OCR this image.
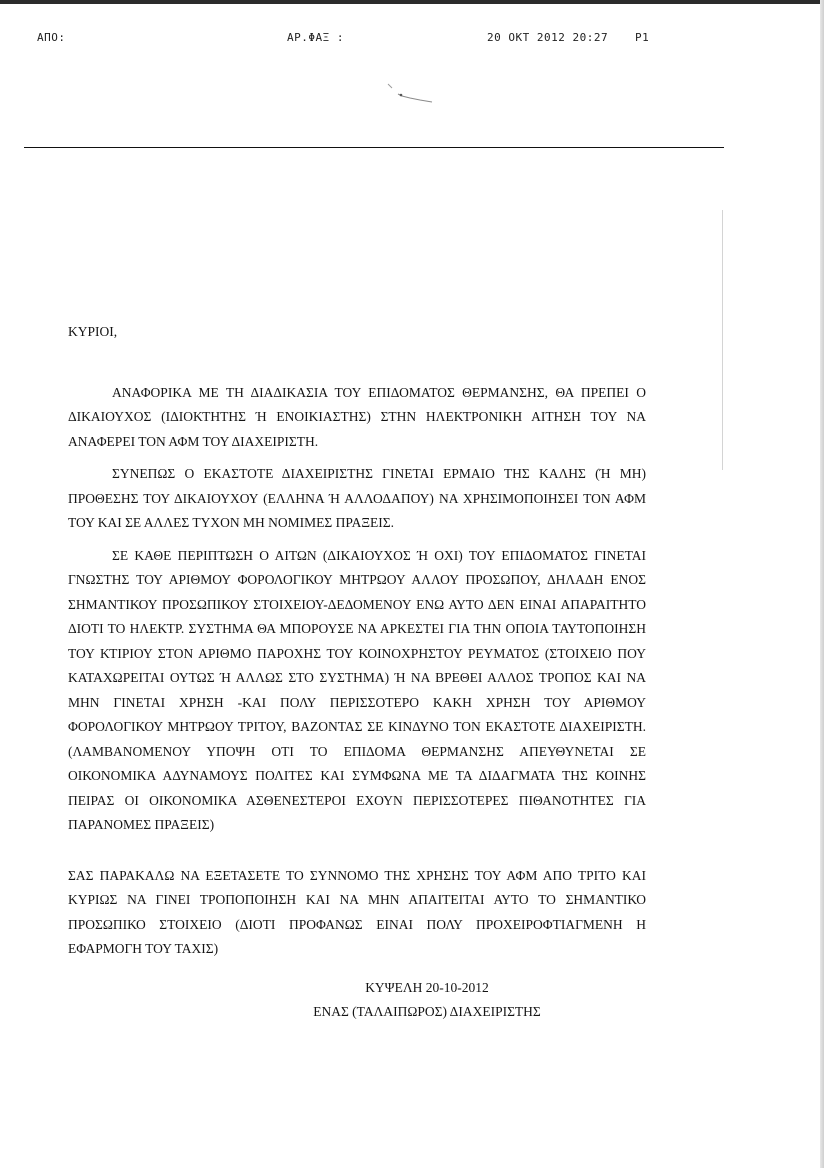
ΑΠΟ:	ΑΡ.ΦΑΞ :	20 ΟΚΤ 2012 20:27 P1

ΚΥΡΙΟΙ,

ΑΝΑΦΟΡΙΚΑ ΜΕ ΤΗ ΔΙΑΔΙΚΑΣΙΑ ΤΟΥ ΕΠΙΔΟΜΑΤΟΣ ΘΕΡΜΑΝΣΗΣ, ΘΑ ΠΡΕΠΕΙ Ο ΔΙΚΑΙΟΥΧΟΣ (ΙΔΙΟΚΤΗΤΗΣ Ή ΕΝΟΙΚΙΑΣΤΗΣ) ΣΤΗΝ ΗΛΕΚΤΡΟΝΙΚΗ ΑΙΤΗΣΗ ΤΟΥ ΝΑ ΑΝΑΦΕΡΕΙ ΤΟΝ ΑΦΜ ΤΟΥ ΔΙΑΧΕΙΡΙΣΤΗ.

ΣΥΝΕΠΩΣ Ο ΕΚΑΣΤΟΤΕ ΔΙΑΧΕΙΡΙΣΤΗΣ ΓΙΝΕΤΑΙ ΕΡΜΑΙΟ ΤΗΣ ΚΑΛΗΣ (Ή ΜΗ) ΠΡΟΘΕΣΗΣ ΤΟΥ ΔΙΚΑΙΟΥΧΟΥ (ΕΛΛΗΝΑ Ή ΑΛΛΟΔΑΠΟΥ) ΝΑ ΧΡΗΣΙΜΟΠΟΙΗΣΕΙ ΤΟΝ ΑΦΜ ΤΟΥ ΚΑΙ ΣΕ ΑΛΛΕΣ ΤΥΧΟΝ ΜΗ ΝΟΜΙΜΕΣ ΠΡΑΞΕΙΣ.

ΣΕ ΚΑΘΕ ΠΕΡΙΠΤΩΣΗ Ο ΑΙΤΩΝ (ΔΙΚΑΙΟΥΧΟΣ Ή ΟΧΙ) ΤΟΥ ΕΠΙΔΟΜΑΤΟΣ ΓΙΝΕΤΑΙ ΓΝΩΣΤΗΣ ΤΟΥ ΑΡΙΘΜΟΥ ΦΟΡΟΛΟΓΙΚΟΥ ΜΗΤΡΩΟΥ ΑΛΛΟΥ ΠΡΟΣΩΠΟΥ, ΔΗΛΑΔΗ ΕΝΟΣ ΣΗΜΑΝΤΙΚΟΥ ΠΡΟΣΩΠΙΚΟΥ ΣΤΟΙΧΕΙΟΥ-ΔΕΔΟΜΕΝΟΥ ΕΝΩ ΑΥΤΟ ΔΕΝ ΕΙΝΑΙ ΑΠΑΡΑΙΤΗΤΟ ΔΙΟΤΙ ΤΟ ΗΛΕΚΤΡ. ΣΥΣΤΗΜΑ ΘΑ ΜΠΟΡΟΥΣΕ ΝΑ ΑΡΚΕΣΤΕΙ ΓΙΑ ΤΗΝ ΟΠΟΙΑ ΤΑΥΤΟΠΟΙΗΣΗ ΤΟΥ ΚΤΙΡΙΟΥ ΣΤΟΝ ΑΡΙΘΜΟ ΠΑΡΟΧΗΣ ΤΟΥ ΚΟΙΝΟΧΡΗΣΤΟΥ ΡΕΥΜΑΤΟΣ (ΣΤΟΙΧΕΙΟ ΠΟΥ ΚΑΤΑΧΩΡΕΙΤΑΙ ΟΥΤΩΣ Ή ΑΛΛΩΣ ΣΤΟ ΣΥΣΤΗΜΑ) Ή ΝΑ ΒΡΕΘΕΙ ΑΛΛΟΣ ΤΡΟΠΟΣ ΚΑΙ ΝΑ ΜΗΝ ΓΙΝΕΤΑΙ ΧΡΗΣΗ -ΚΑΙ ΠΟΛΥ ΠΕΡΙΣΣΟΤΕΡΟ ΚΑΚΗ ΧΡΗΣΗ ΤΟΥ ΑΡΙΘΜΟΥ ΦΟΡΟΛΟΓΙΚΟΥ ΜΗΤΡΩΟΥ ΤΡΙΤΟΥ, ΒΑΖΟΝΤΑΣ ΣΕ ΚΙΝΔΥΝΟ ΤΟΝ ΕΚΑΣΤΟΤΕ ΔΙΑΧΕΙΡΙΣΤΗ. (ΛΑΜΒΑΝΟΜΕΝΟΥ ΥΠΟΨΗ ΟΤΙ ΤΟ ΕΠΙΔΟΜΑ ΘΕΡΜΑΝΣΗΣ ΑΠΕΥΘΥΝΕΤΑΙ ΣΕ ΟΙΚΟΝΟΜΙΚΑ ΑΔΥΝΑΜΟΥΣ ΠΟΛΙΤΕΣ ΚΑΙ ΣΥΜΦΩΝΑ ΜΕ ΤΑ ΔΙΔΑΓΜΑΤΑ ΤΗΣ ΚΟΙΝΗΣ ΠΕΙΡΑΣ ΟΙ ΟΙΚΟΝΟΜΙΚΑ ΑΣΘΕΝΕΣΤΕΡΟΙ ΕΧΟΥΝ ΠΕΡΙΣΣΟΤΕΡΕΣ ΠΙΘΑΝΟΤΗΤΕΣ ΓΙΑ ΠΑΡΑΝΟΜΕΣ ΠΡΑΞΕΙΣ)

ΣΑΣ ΠΑΡΑΚΑΛΩ ΝΑ ΕΞΕΤΑΣΕΤΕ ΤΟ ΣΥΝΝΟΜΟ ΤΗΣ ΧΡΗΣΗΣ ΤΟΥ ΑΦΜ ΑΠΟ ΤΡΙΤΟ ΚΑΙ ΚΥΡΙΩΣ ΝΑ ΓΙΝΕΙ ΤΡΟΠΟΠΟΙΗΣΗ ΚΑΙ ΝΑ ΜΗΝ ΑΠΑΙΤΕΙΤΑΙ ΑΥΤΟ ΤΟ ΣΗΜΑΝΤΙΚΟ ΠΡΟΣΩΠΙΚΟ ΣΤΟΙΧΕΙΟ (ΔΙΟΤΙ ΠΡΟΦΑΝΩΣ ΕΙΝΑΙ ΠΟΛΥ ΠΡΟΧΕΙΡΟΦΤΙΑΓΜΕΝΗ Η ΕΦΑΡΜΟΓΗ ΤΟΥ ΤΑΧΙΣ)

ΚΥΨΕΛΗ 20-10-2012
ΕΝΑΣ (ΤΑΛΑΙΠΩΡΟΣ) ΔΙΑΧΕΙΡΙΣΤΗΣ
